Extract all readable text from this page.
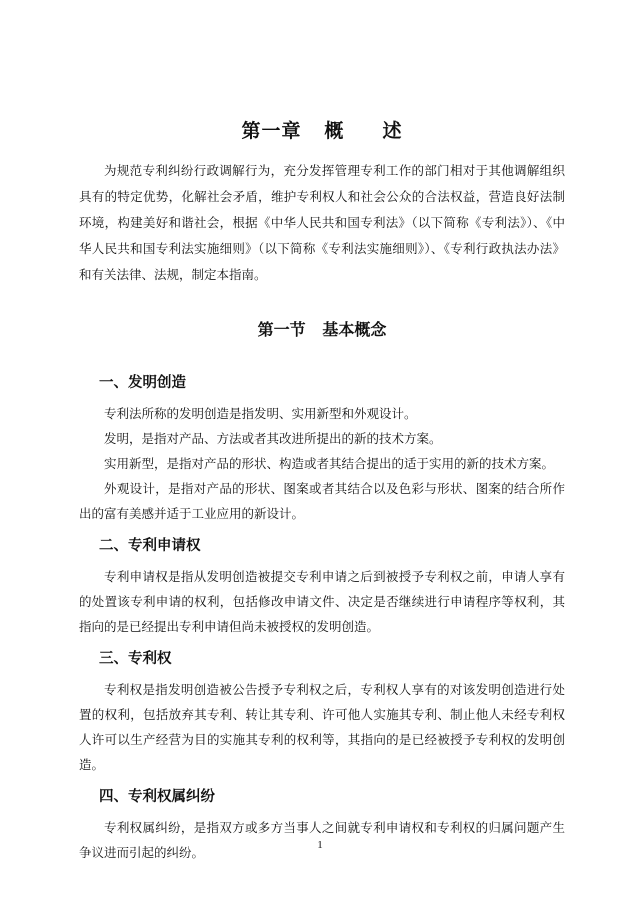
第一章   概     述

为规范专利纠纷行政调解行为，充分发挥管理专利工作的部门相对于其他调解组织具有的特定优势，化解社会矛盾，维护专利权人和社会公众的合法权益，营造良好法制环境，构建美好和谐社会，根据《中华人民共和国专利法》（以下简称《专利法》）、《中华人民共和国专利法实施细则》（以下简称《专利法实施细则》）、《专利行政执法办法》和有关法律、法规，制定本指南。

第一节   基本概念
一、发明创造

专利法所称的发明创造是指发明、实用新型和外观设计。

发明，是指对产品、方法或者其改进所提出的新的技术方案。

实用新型，是指对产品的形状、构造或者其结合提出的适于实用的新的技术方案。

外观设计，是指对产品的形状、图案或者其结合以及色彩与形状、图案的结合所作出的富有美感并适于工业应用的新设计。

二、专利申请权

专利申请权是指从发明创造被提交专利申请之后到被授予专利权之前，申请人享有的处置该专利申请的权利，包括修改申请文件、决定是否继续进行申请程序等权利，其指向的是已经提出专利申请但尚未被授权的发明创造。

三、专利权

专利权是指发明创造被公告授予专利权之后，专利权人享有的对该发明创造进行处置的权利，包括放弃其专利、转让其专利、许可他人实施其专利、制止他人未经专利权人许可以生产经营为目的实施其专利的权利等，其指向的是已经被授予专利权的发明创造。

四、专利权属纠纷

专利权属纠纷，是指双方或多方当事人之间就专利申请权和专利权的归属问题产生争议进而引起的纠纷。	1
